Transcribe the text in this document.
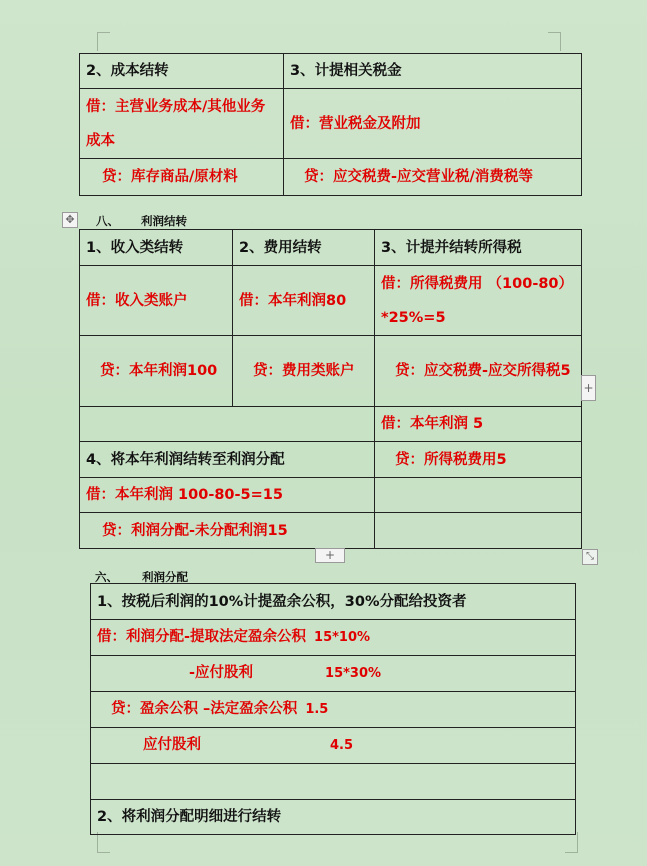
2、成本结转	3、计提相关税金
借：主营业务成本/其他业务成本	借：营业税金及附加
贷：库存商品/原材料	贷：应交税费-应交营业税/消费税等
✥ 八、 利润结转
1、收入类结转	2、费用结转	3、计提并结转所得税
借：收入类账户	借：本年利润80	借：所得税费用 （100-80）*25%=5
贷：本年利润100	贷：费用类账户	贷：应交税费-应交所得税5
		借：本年利润 5
4、将本年利润结转至利润分配		贷：所得税费用5
借：本年利润 100-80-5=15		
贷：利润分配-未分配利润15		
+
+	⤡
六、 利润分配
1、按税后利润的10%计提盈余公积，30%分配给投资者
借：利润分配-提取法定盈余公积 15*10%
-应付股利	15*30%
贷：盈余公积 –法定盈余公积 1.5
应付股利	4.5

2、将利润分配明细进行结转
